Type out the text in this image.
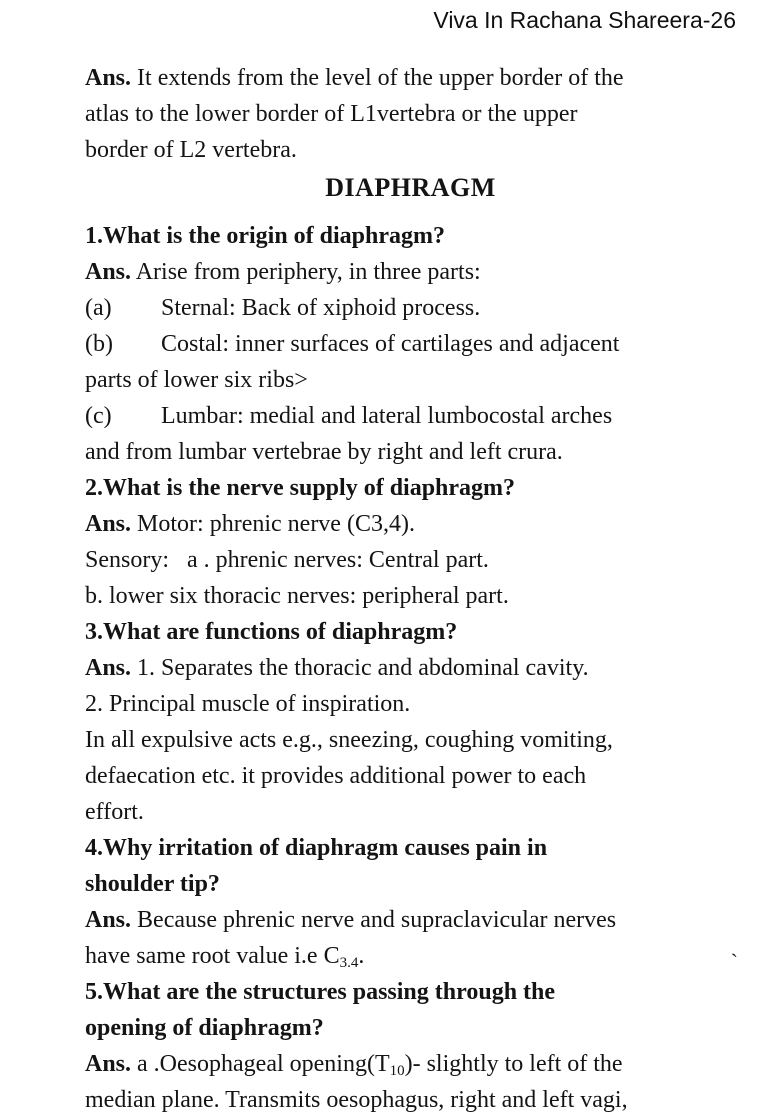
Viva In Rachana Shareera-26
Ans. It extends from the level of the upper border of the
atlas to the lower border of L1vertebra or the upper
border of L2 vertebra.
DIAPHRAGM
1.What is the origin of diaphragm?
Ans. Arise from periphery, in three parts:
(a) Sternal: Back of xiphoid process.
(b) Costal: inner surfaces of cartilages and adjacent
parts of lower six ribs>
(c) Lumbar: medial and lateral lumbocostal arches
and from lumbar vertebrae by right and left crura.
2.What is the nerve supply of diaphragm?
Ans. Motor: phrenic nerve (C3,4).
Sensory:   a . phrenic nerves: Central part.
b. lower six thoracic nerves: peripheral part.
3.What are functions of diaphragm?
Ans. 1. Separates the thoracic and abdominal cavity.
2. Principal muscle of inspiration.
In all expulsive acts e.g., sneezing, coughing vomiting,
defaecation etc. it provides additional power to each
effort.
4.Why irritation of diaphragm causes pain in
shoulder tip?
Ans. Because phrenic nerve and supraclavicular nerves
have same root value i.e $C_{3.4}$.
5.What are the structures passing through the
opening of diaphragm?
Ans. a .Oesophageal $opening(T_{10})-$ slightly to left of the
median plane. Transmits oesophagus, right and left vagi,
`
